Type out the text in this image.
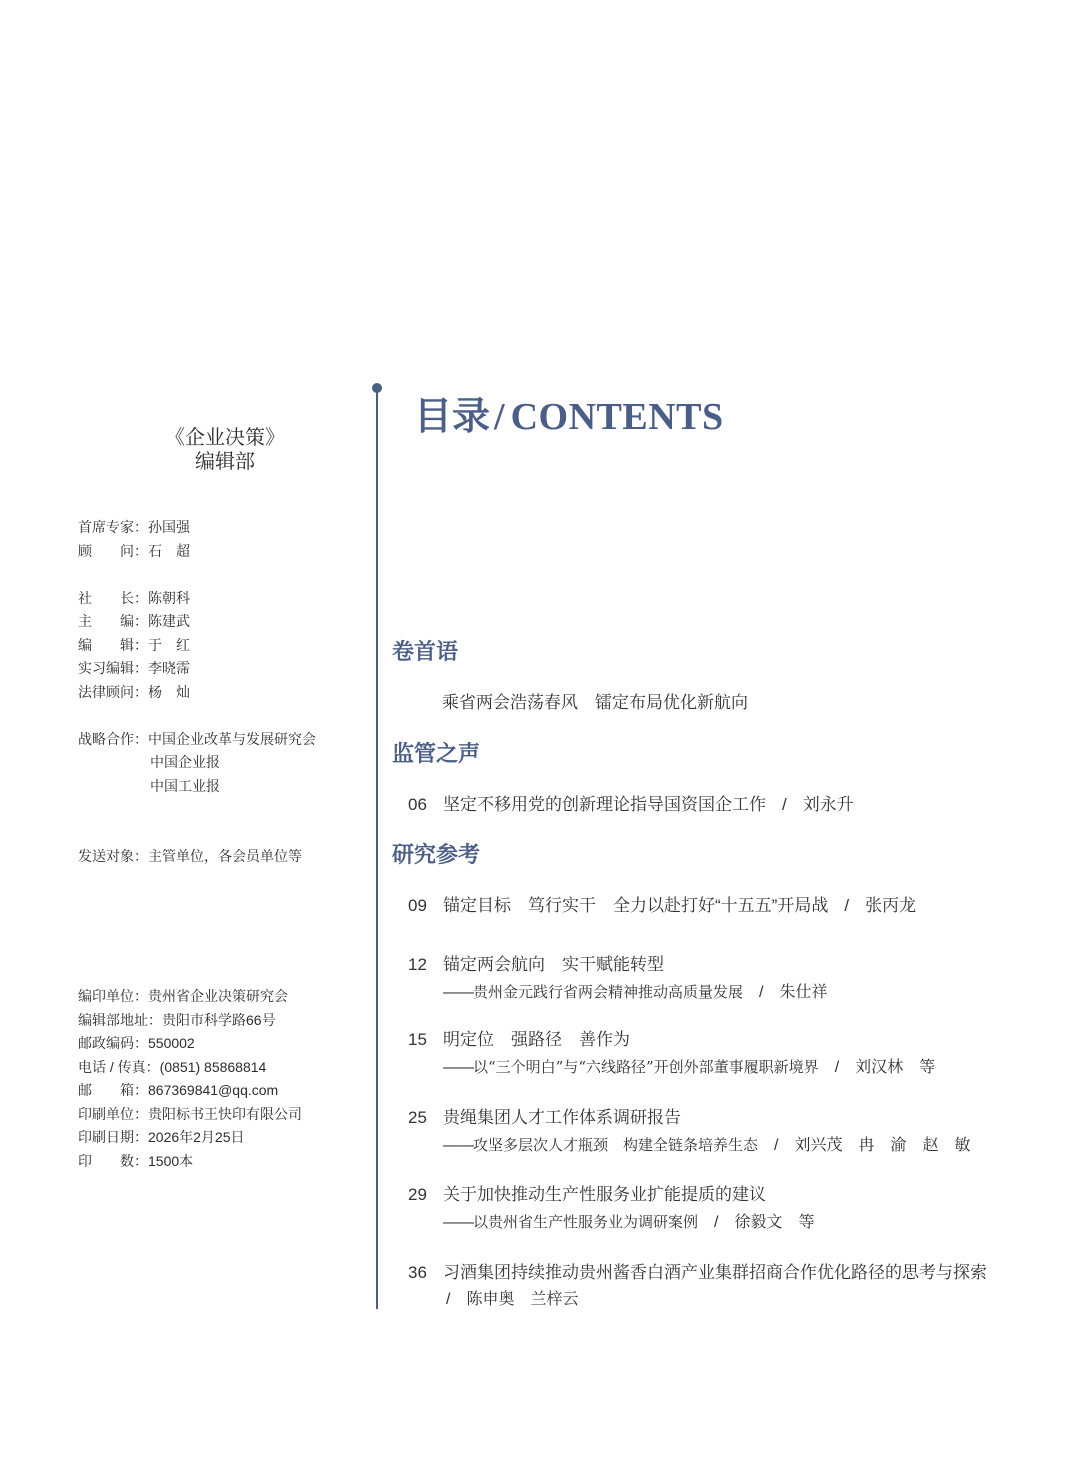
《企业决策》
编辑部
首席专家：孙国强
顾　　问：石　超
社　　长：陈朝科
主　　编：陈建武
编　　辑：于　红
实习编辑：李晓霈
法律顾问：杨　灿
战略合作：中国企业改革与发展研究会
中国企业报
中国工业报
发送对象：主管单位，各会员单位等
编印单位：贵州省企业决策研究会
编辑部地址：贵阳市科学路66号
邮政编码：550002
电话 / 传真：(0851) 85868814
邮　　箱：867369841@qq.com
印刷单位：贵阳标书王快印有限公司
印刷日期：2026年2月25日
印　　数：1500本
目录 / CONTENTS
卷首语
乘省两会浩荡春风　镭定布局优化新航向
监管之声
06 坚定不移用党的创新理论指导国资国企工作 / 刘永升
研究参考
09 锚定目标　笃行实干　全力以赴打好“十五五”开局战 / 张丙龙
12 锚定两会航向　实干赋能转型
——贵州金元践行省两会精神推动高质量发展 / 朱仕祥
15 明定位　强路径　善作为
——以“三个明白”与“六线路径”开创外部董事履职新境界 / 刘汉林　等
25 贵绳集团人才工作体系调研报告
——攻坚多层次人才瓶颈　构建全链条培养生态 / 刘兴茂　冉　渝　赵　敏
29 关于加快推动生产性服务业扩能提质的建议
——以贵州省生产性服务业为调研案例 / 徐毅文　等
36 习酒集团持续推动贵州酱香白酒产业集群招商合作优化路径的思考与探索
/ 陈申奥　兰梓云
